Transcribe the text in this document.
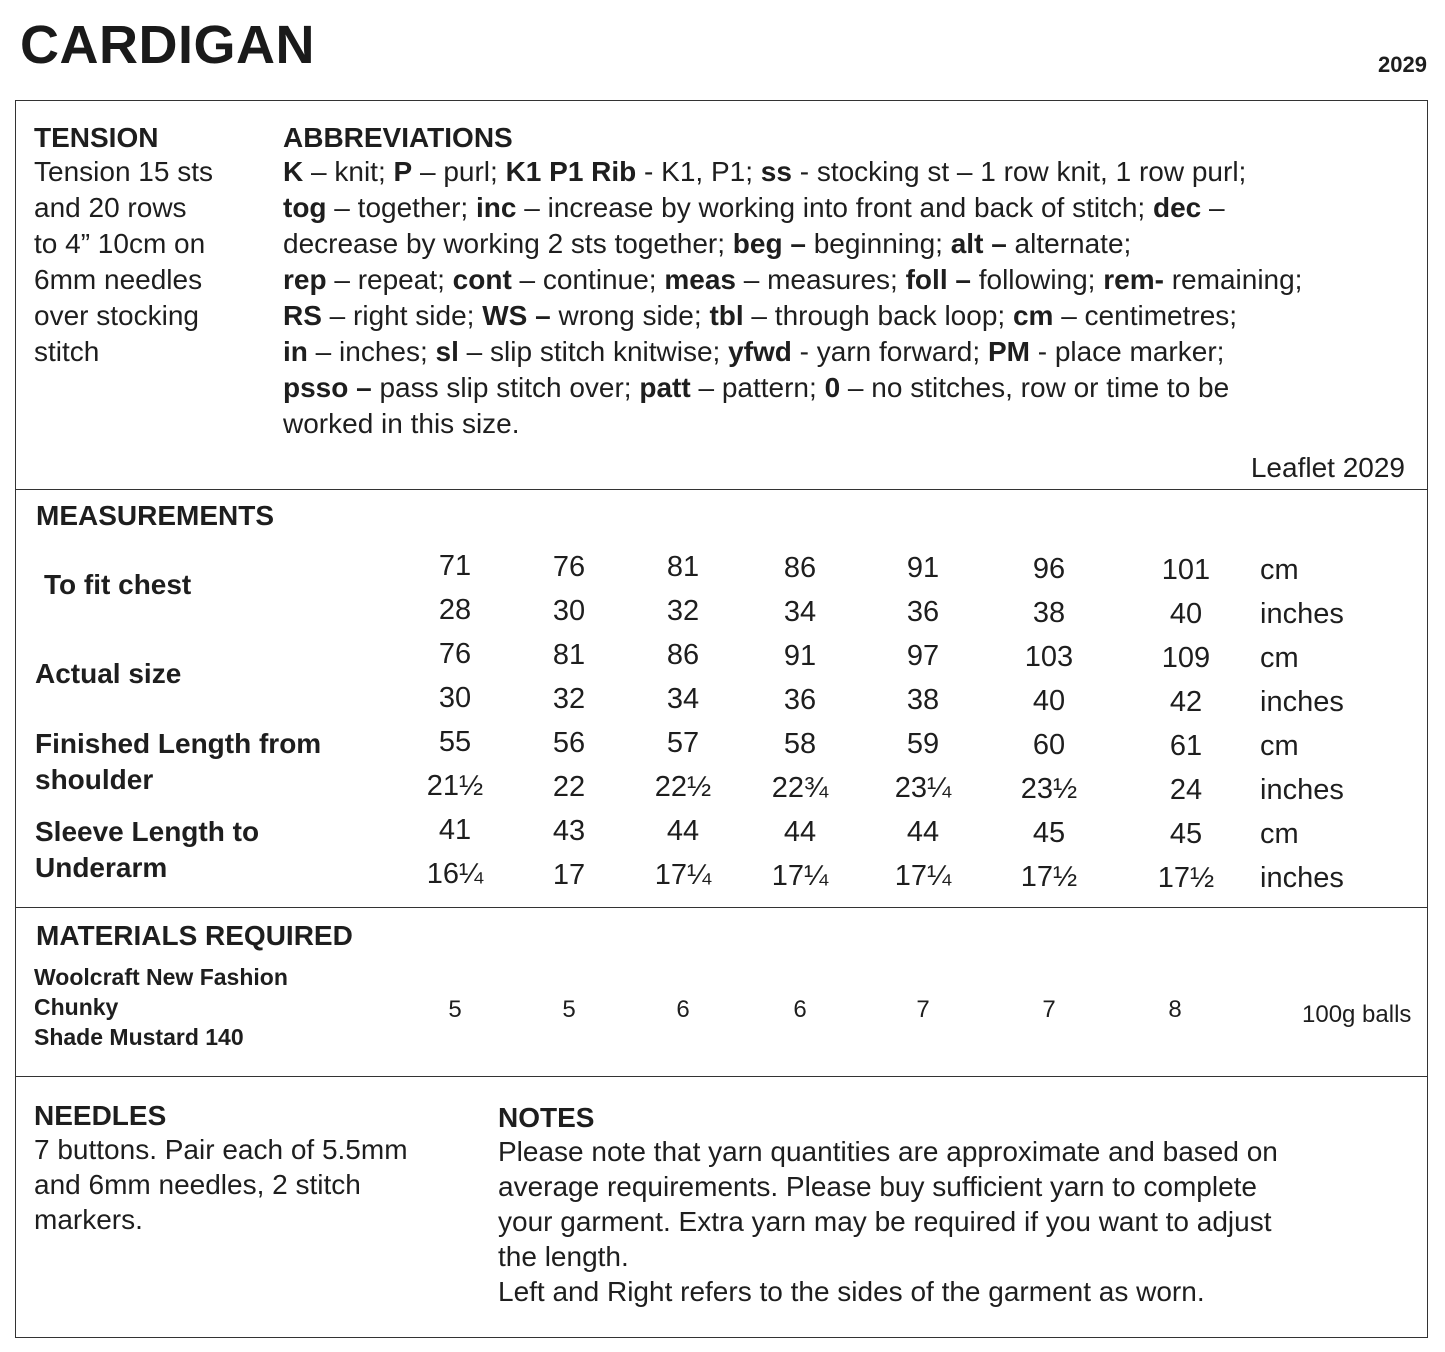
CARDIGAN	2029
TENSION
Tension 15 sts
and 20 rows
to 4” 10cm on
6mm needles
over stocking
stitch
ABBREVIATIONS
K – knit; P – purl; K1 P1 Rib - K1, P1; ss - stocking st – 1 row knit, 1 row purl;
tog – together; inc – increase by working into front and back of stitch; dec –
decrease by working 2 sts together; beg – beginning; alt – alternate;
rep – repeat; cont – continue; meas – measures; foll – following; rem- remaining;
RS – right side; WS – wrong side; tbl – through back loop; cm – centimetres;
in – inches; sl – slip stitch knitwise; yfwd - yarn forward; PM - place marker;
psso – pass slip stitch over; patt – pattern; 0 – no stitches, row or time to be
worked in this size.
Leaflet 2029
MEASUREMENTS
To fit chest
71	76	81	86	91	96	101	cm
28	30	32	34	36	38	40	inches
Actual size
76	81	86	91	97	103	109	cm
30	32	34	36	38	40	42	inches
Finished Length from
shoulder
55	56	57	58	59	60	61	cm
21½	22	22½	22¾	23¼	23½	24	inches
Sleeve Length to
Underarm
41	43	44	44	44	45	45	cm
16¼	17	17¼	17¼	17¼	17½	17½	inches
MATERIALS REQUIRED
Woolcraft New Fashion
Chunky
Shade Mustard 140
5	5	6	6	7	7	8	100g balls
NEEDLES
7 buttons. Pair each of 5.5mm
and 6mm needles, 2 stitch
markers.
NOTES
Please note that yarn quantities are approximate and based on
average requirements. Please buy sufficient yarn to complete
your garment. Extra yarn may be required if you want to adjust
the length.
Left and Right refers to the sides of the garment as worn.
